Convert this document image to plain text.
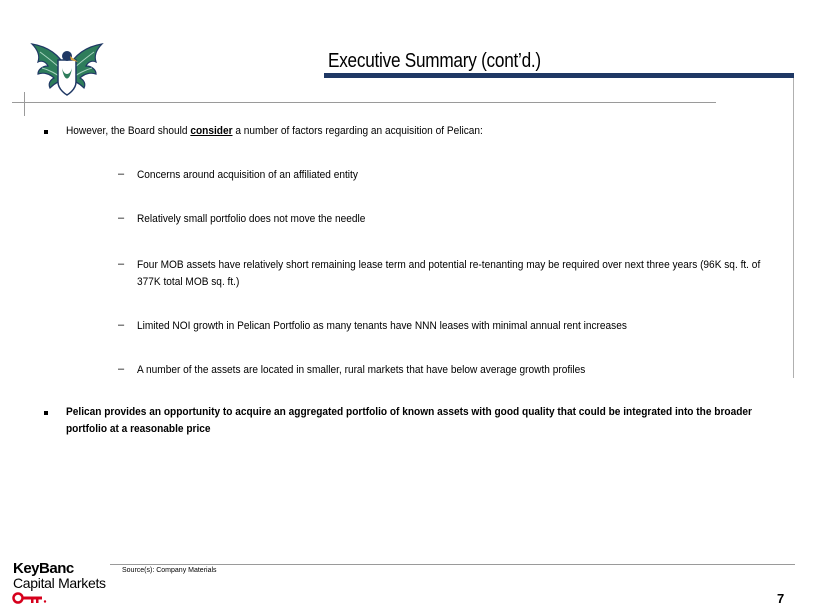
Executive Summary (cont’d.)
However, the Board should consider a number of factors regarding an acquisition of Pelican:
– Concerns around acquisition of an affiliated entity
– Relatively small portfolio does not move the needle
– Four MOB assets have relatively short remaining lease term and potential re-tenanting may be required over next three years (96K sq. ft. of 377K total MOB sq. ft.)
– Limited NOI growth in Pelican Portfolio as many tenants have NNN leases with minimal annual rent increases
– A number of the assets are located in smaller, rural markets that have below average growth profiles
Pelican provides an opportunity to acquire an aggregated portfolio of known assets with good quality that could be integrated into the broader portfolio at a reasonable price
Source(s): Company Materials
KeyBanc
Capital Markets
7
